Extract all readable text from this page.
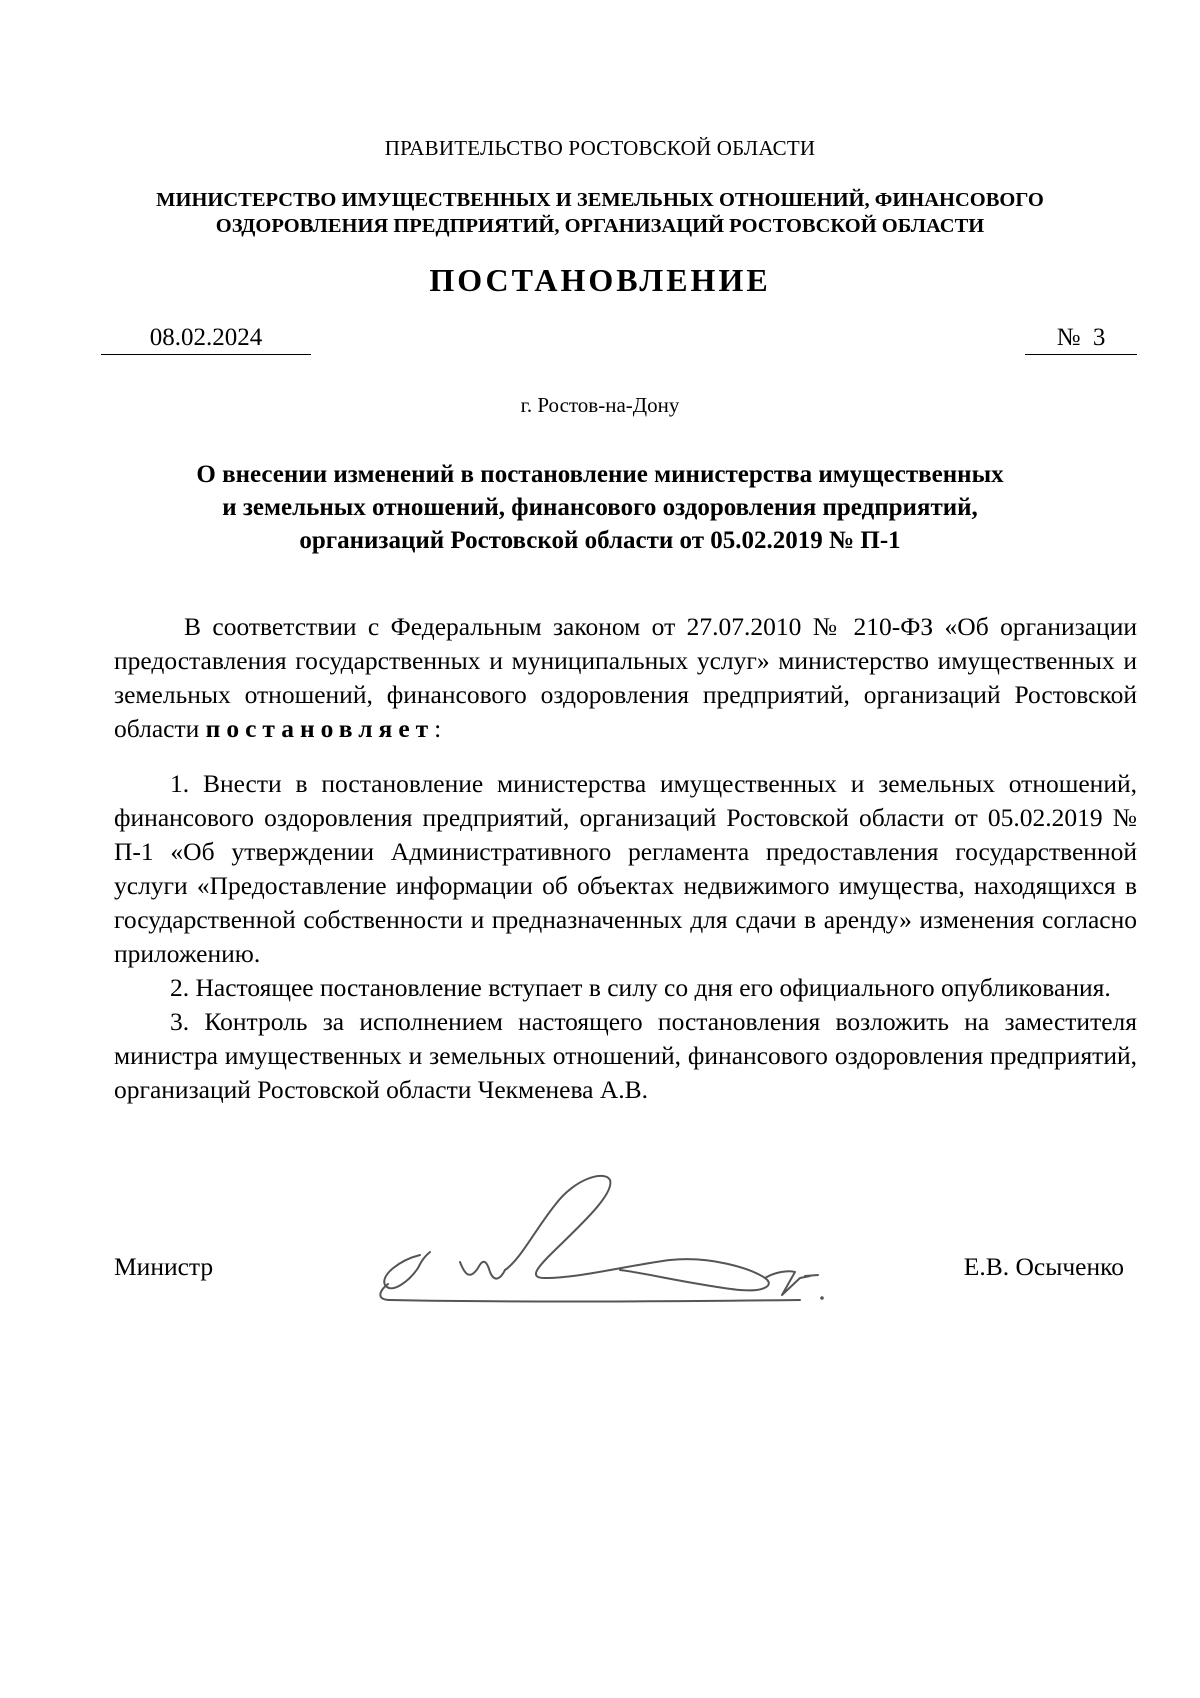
ПРАВИТЕЛЬСТВО РОСТОВСКОЙ ОБЛАСТИ
МИНИСТЕРСТВО ИМУЩЕСТВЕННЫХ И ЗЕМЕЛЬНЫХ ОТНОШЕНИЙ, ФИНАНСОВОГО
ОЗДОРОВЛЕНИЯ ПРЕДПРИЯТИЙ, ОРГАНИЗАЦИЙ РОСТОВСКОЙ ОБЛАСТИ
ПОСТАНОВЛЕНИЕ
08.02.2024	№  3
г. Ростов-на-Дону
О внесении изменений в постановление министерства имущественных
и земельных отношений, финансового оздоровления предприятий,
организаций Ростовской области от 05.02.2019 № П-1

В соответствии с Федеральным законом от 27.07.2010 № 210-ФЗ «Об организации предоставления государственных и муниципальных услуг» министерство имущественных и земельных отношений, финансового оздоровления предприятий, организаций Ростовской области постановляет:

1. Внести в постановление министерства имущественных и земельных отношений, финансового оздоровления предприятий, организаций Ростовской области от 05.02.2019 № П-1 «Об утверждении Административного регламента предоставления государственной услуги «Предоставление информации об объектах недвижимого имущества, находящихся в государственной собственности и предназначенных для сдачи в аренду» изменения согласно приложению.

2. Настоящее постановление вступает в силу со дня его официального опубликования.

3. Контроль за исполнением настоящего постановления возложить на заместителя министра имущественных и земельных отношений, финансового оздоровления предприятий, организаций Ростовской области Чекменева А.В.

Министр	Е.В. Осыченко
